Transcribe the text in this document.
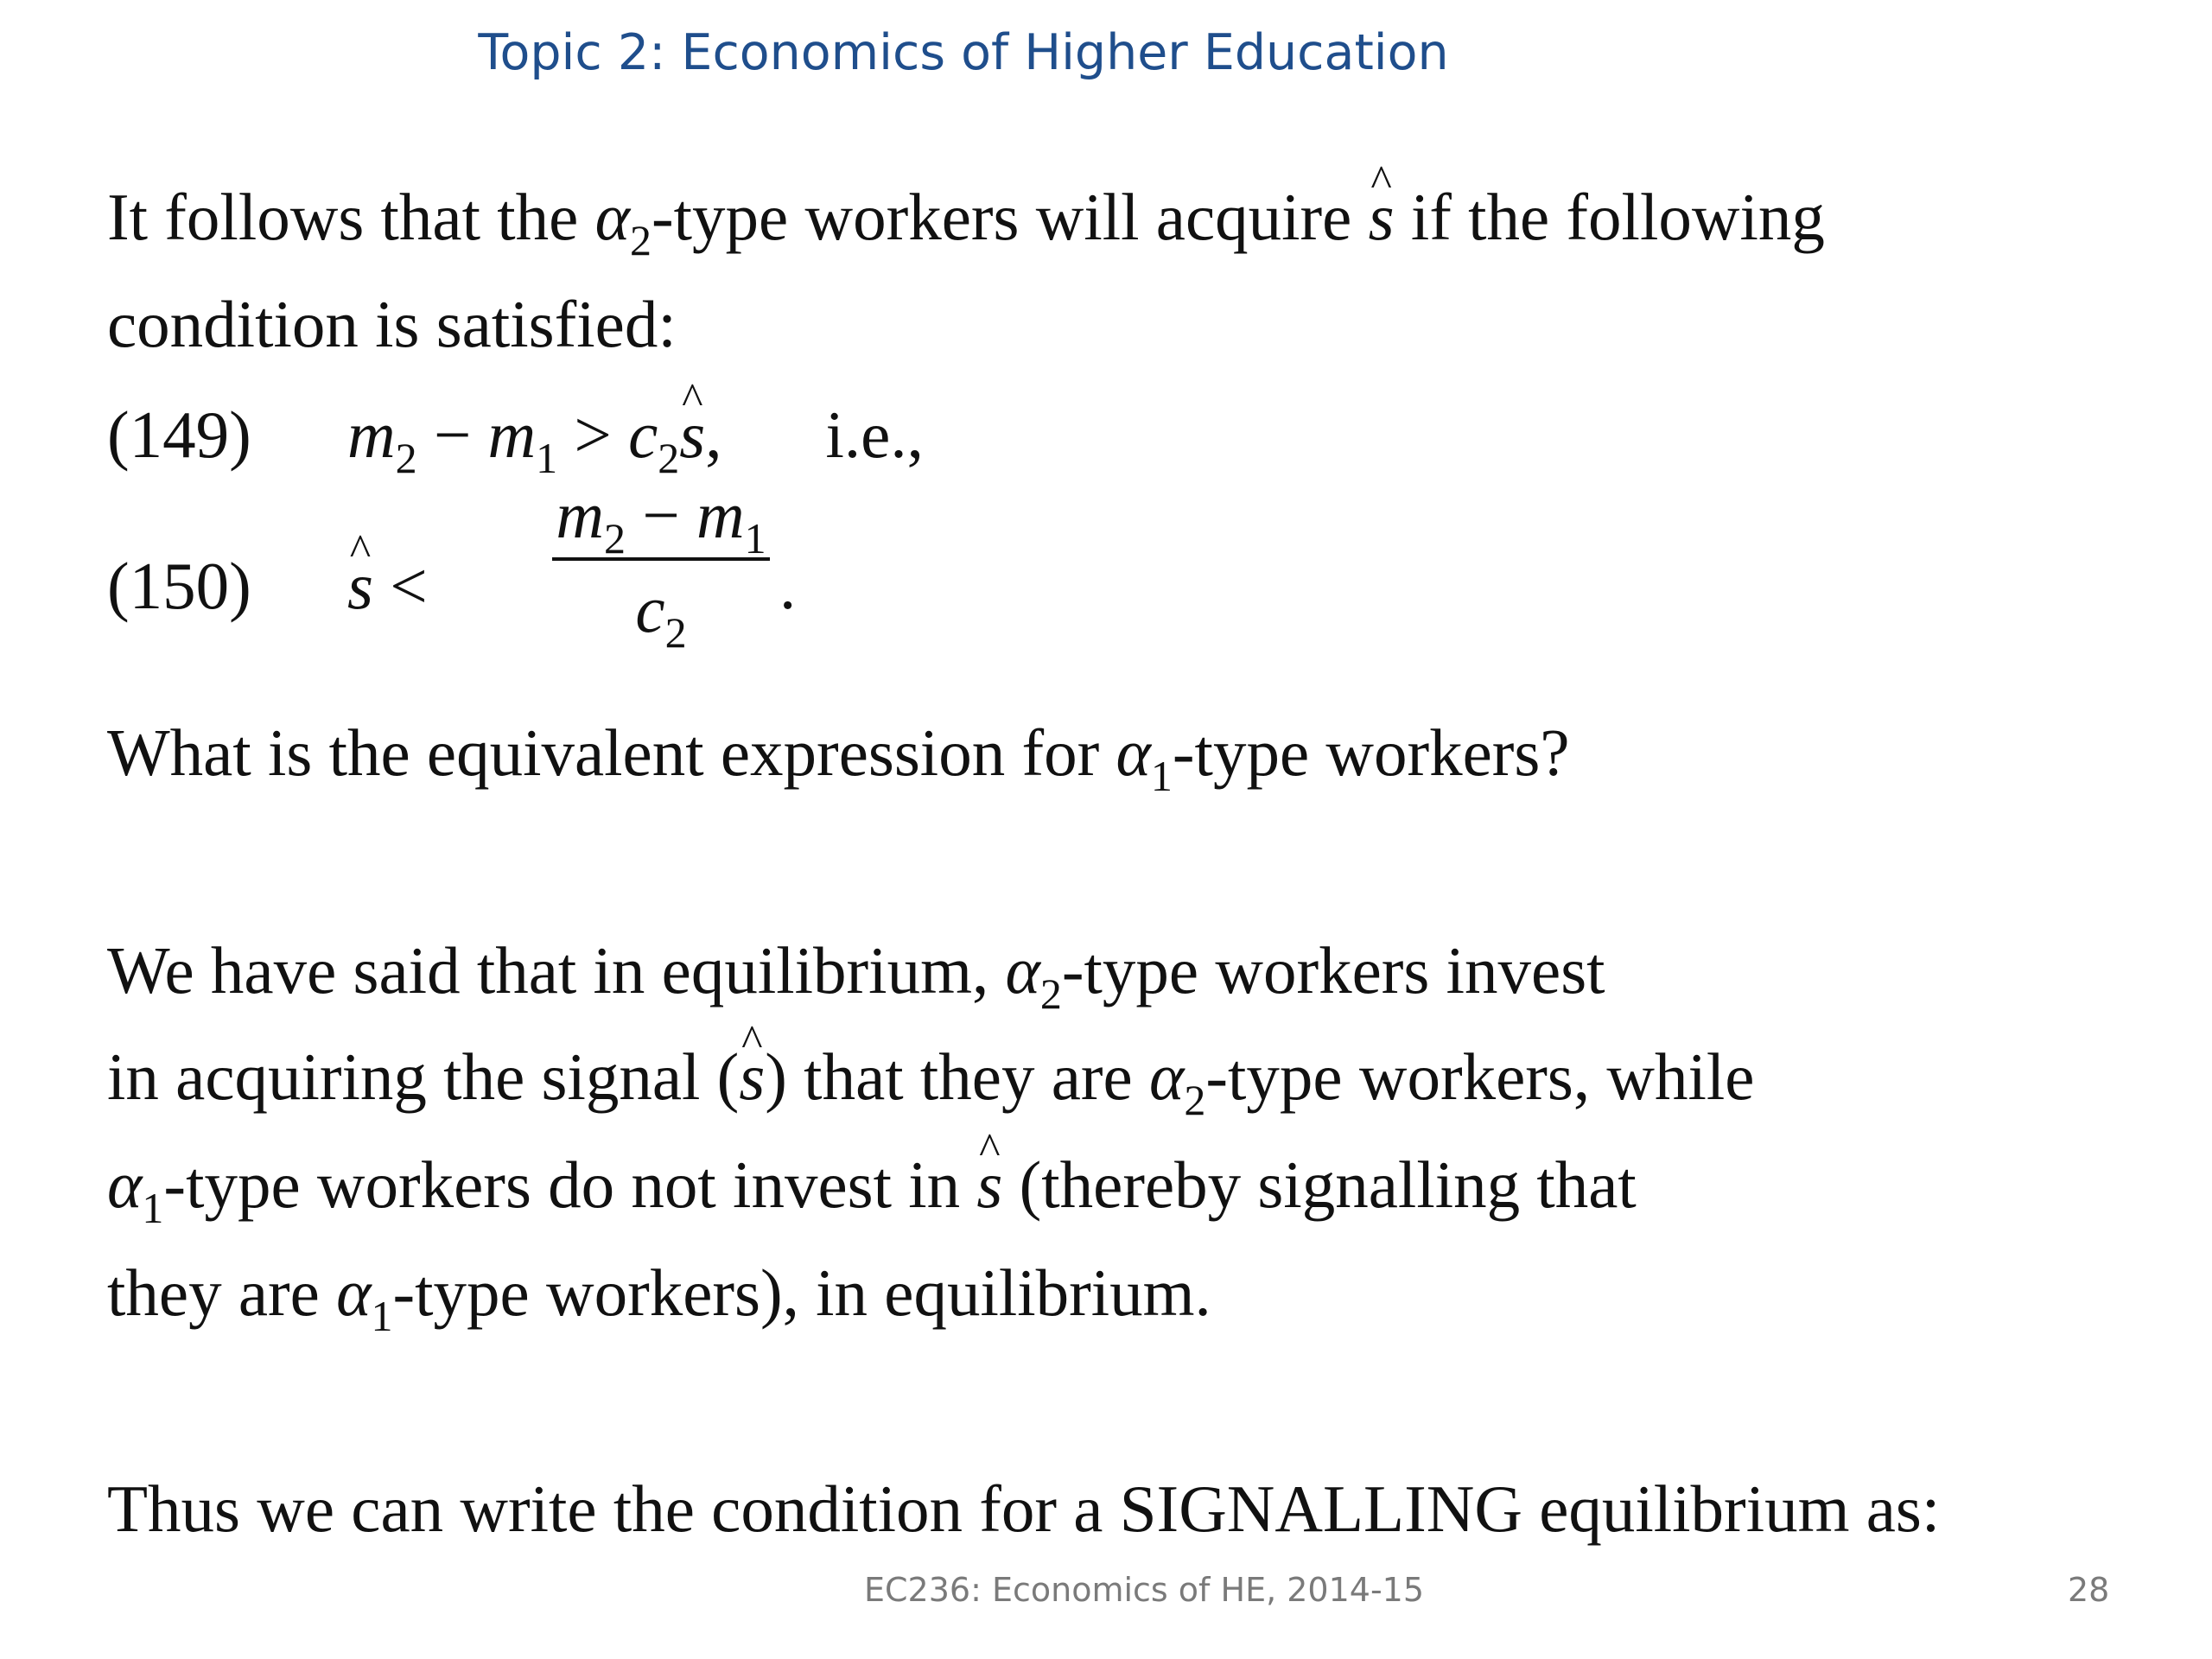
Topic 2: Economics of Higher Education
It follows that the $\alpha_2$-type workers will acquire ^ s if the following
condition is satisfied:
(149) $m_2 - m_1$ > $c_2\^{}$ s, i.e.,
(150)^ s <
$m_2 - m_1$
$c_2$
.
What is the equivalent expression for $\alpha_1$-type workers?
We have said that in equilibrium, $\alpha_2$-type workers invest
in acquiring the signal (^ s) that they are $\alpha_2$-type workers, while
$\alpha_1$-type workers do not invest in ^ s (thereby signalling that
they are $\alpha_1$-type workers), in equilibrium.
Thus we can write the condition for a SIGNALLING equilibrium as:
EC236: Economics of HE, 2014-15	28
